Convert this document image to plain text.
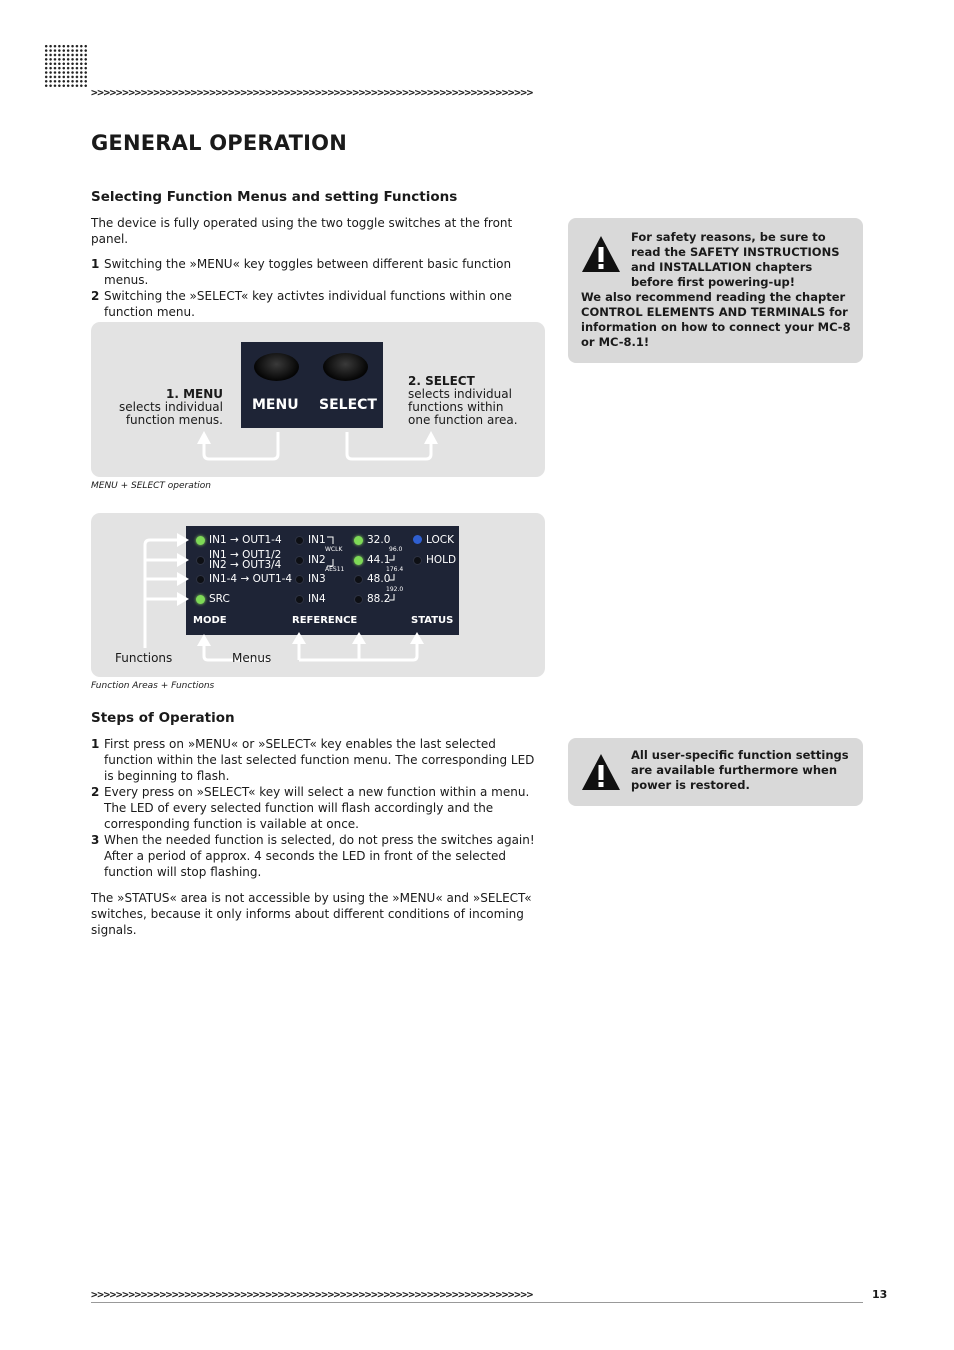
>>>>>>>>>>>>>>>>>>>>>>>>>>>>>>>>>>>>>>>>>>>>>>>>>>>>>>>>>>>>>>>>>>>>>>>
GENERAL OPERATION
Selecting Function Menus and setting Functions
The device is fully operated using the two toggle switches at the front panel.
1 Switching the »MENU« key toggles between different basic function menus.
2 Switching the »SELECT« key activtes individual functions within one function menu.
1. MENU
selects individual
function menus.
MENU SELECT
2. SELECT
selects individual
functions within
one function area.
MENU + SELECT operation
IN1 → OUT1-4
IN1 → OUT1/2
IN2 → OUT3/4
IN1-4 → OUT1-4
SRC
MODE
IN1
WCLK
IN2
AES11
IN3
IN4
32.0
96.0
44.1
176.4
48.0
192.0
88.2
REFERENCE
LOCK
HOLD
STATUS
Functions	Menus
Function Areas + Functions
Steps of Operation
1 First press on »MENU« or »SELECT« key enables the last selected function within the last selected function menu. The corresponding LED is beginning to flash.
2 Every press on »SELECT« key will select a new function within a menu. The LED of every selected function will flash accordingly and the corresponding function is vailable at once.
3 When the needed function is selected, do not press the switches again! After a period of approx. 4 seconds the LED in front of the selected function will stop flashing.
The »STATUS« area is not accessible by using the »MENU« and »SELECT« switches, because it only informs about different conditions of incoming signals.
For safety reasons, be sure to read the SAFETY INSTRUCTIONS and INSTALLATION chapters before first powering-up!
We also recommend reading the chapter CONTROL ELEMENTS AND TERMINALS for information on how to connect your MC-8 or MC-8.1!
All user-specific function settings are available furthermore when power is restored.
>>>>>>>>>>>>>>>>>>>>>>>>>>>>>>>>>>>>>>>>>>>>>>>>>>>>>>>>>>>>>>>>>>>>>>>	13
